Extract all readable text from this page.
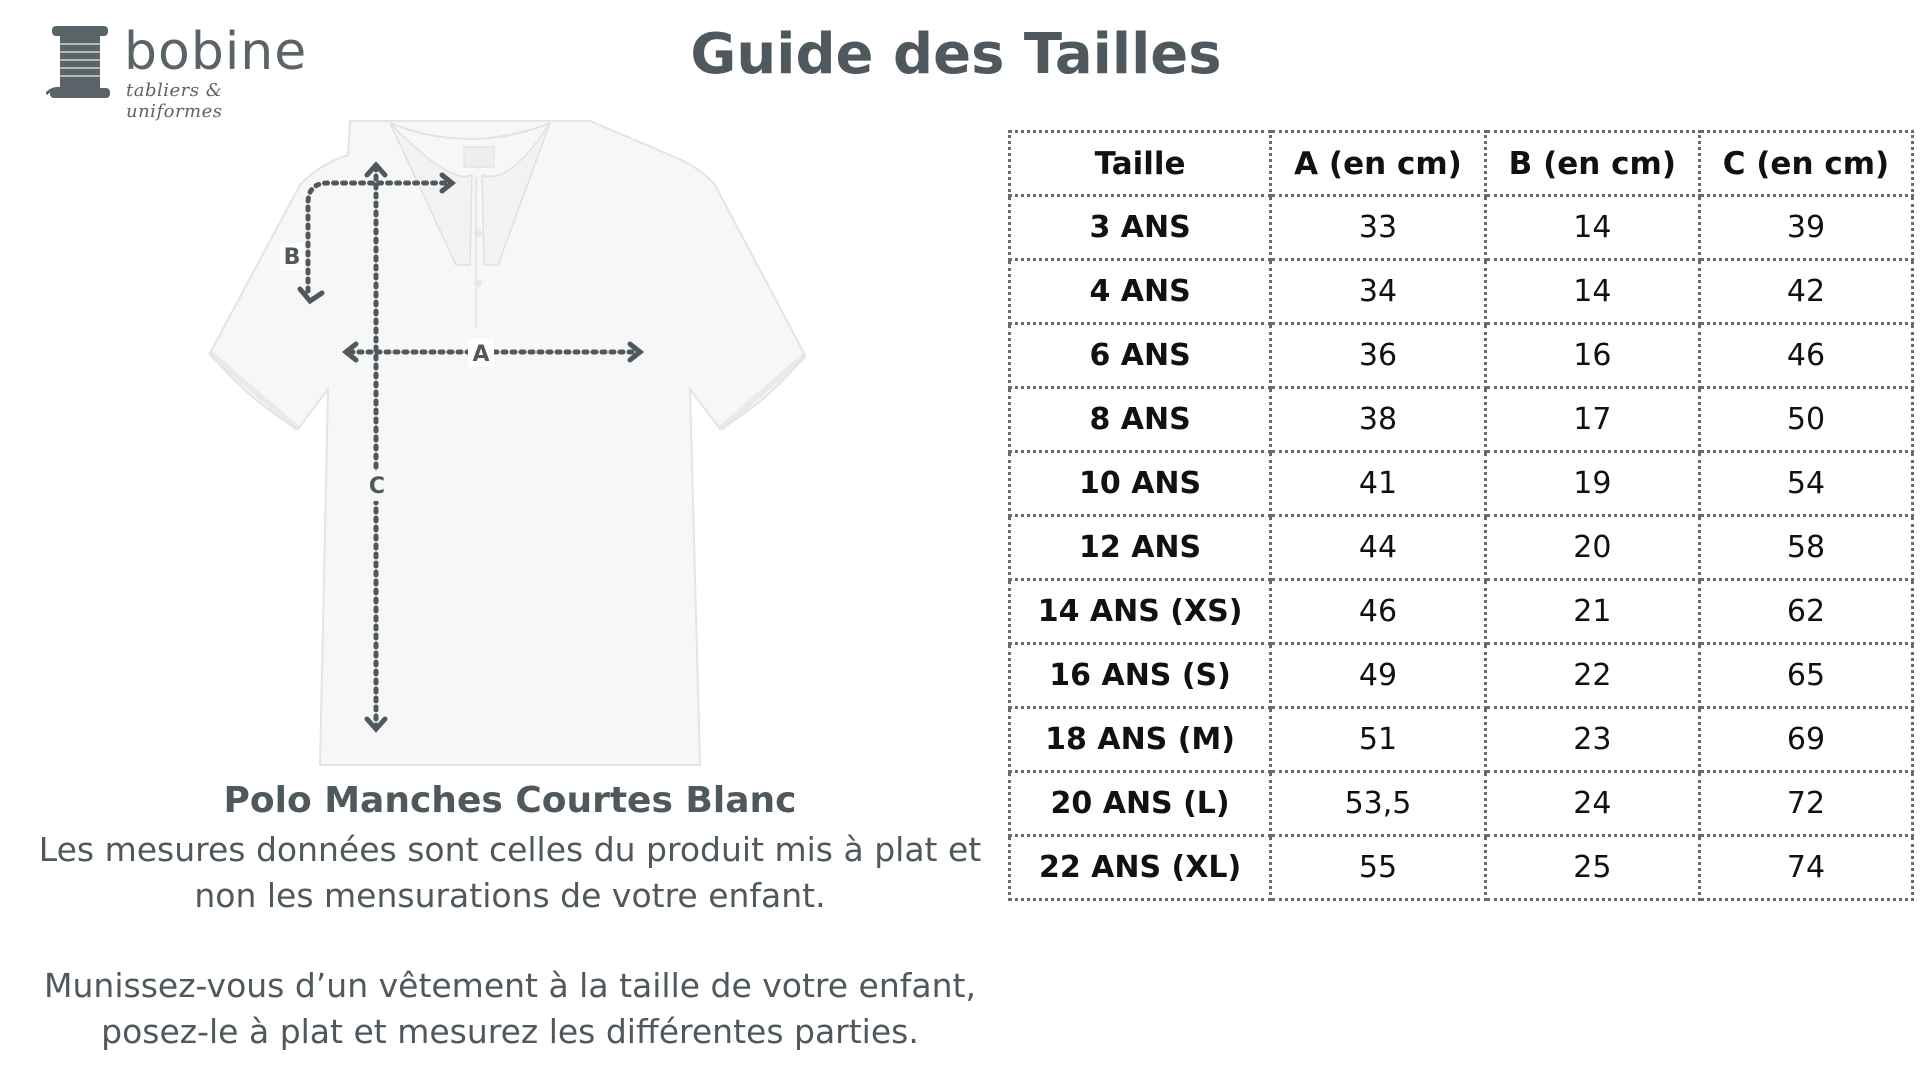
bobine
tabliers & uniformes
Guide des Tailles
B
A
C
Polo Manches Courtes Blanc
Les mesures données sont celles du produit mis à plat et
non les mensurations de votre enfant.
Munissez-vous d’un vêtement à la taille de votre enfant,
posez-le à plat et mesurez les différentes parties.
Taille	A (en cm)	B (en cm)	C (en cm)
3 ANS	33	14	39
4 ANS	34	14	42
6 ANS	36	16	46
8 ANS	38	17	50
10 ANS	41	19	54
12 ANS	44	20	58
14 ANS (XS)	46	21	62
16 ANS (S)	49	22	65
18 ANS (M)	51	23	69
20 ANS (L)	53,5	24	72
22 ANS (XL)	55	25	74
